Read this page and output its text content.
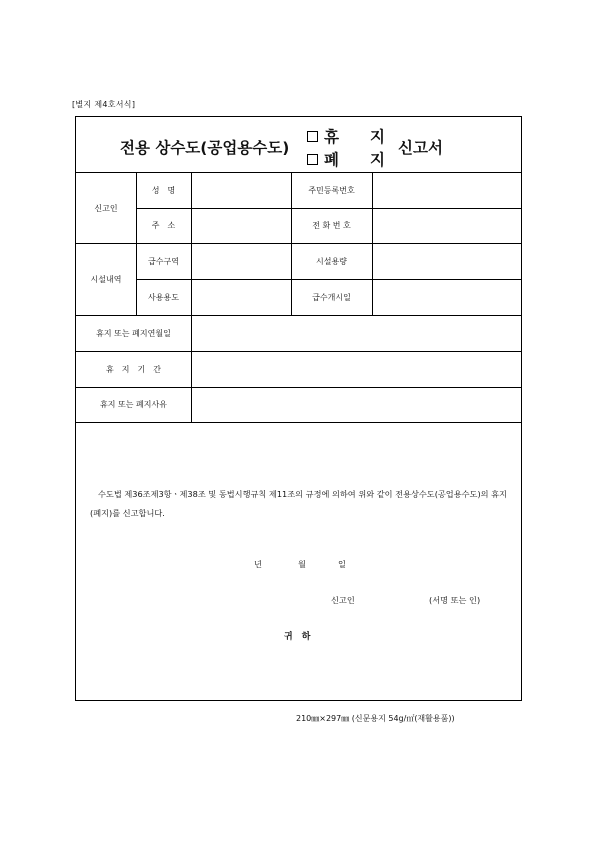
[별지 제4호서식]
전용 상수도(공업용수도)
휴　　지
폐　　지
신고서
신고인
성　명	주민등록번호
주　소	전 화 번 호
시설내역
급수구역	시설용량
사용용도	급수개시일
휴지 또는 폐지연월일
휴　지　기　간
휴지 또는 폐지사유
수도법 제36조제3항ㆍ제38조 및 동법시행규칙 제11조의 규정에 의하여 위와 같이 전용상수도(공업용수도)의 휴지(폐지)를 신고합니다.
년	월	일
신고인	(서명 또는 인)
귀　하
210㎜×297㎜ (신문용지 54g/㎡(재활용품))
